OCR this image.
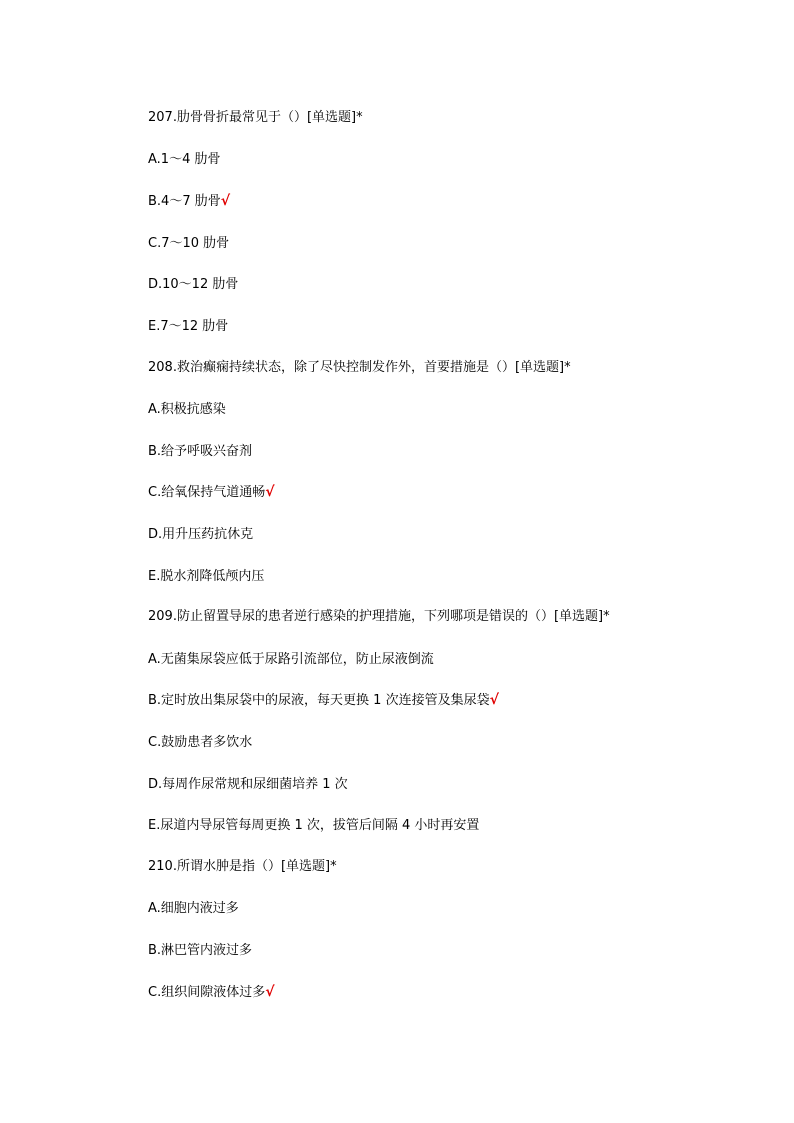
207.肋骨骨折最常见于（）[单选题]*
A.1～4 肋骨
B.4～7 肋骨√
C.7～10 肋骨
D.10～12 肋骨
E.7～12 肋骨
208.救治癫痫持续状态，除了尽快控制发作外，首要措施是（）[单选题]*
A.积极抗感染
B.给予呼吸兴奋剂
C.给氧保持气道通畅√
D.用升压药抗休克
E.脱水剂降低颅内压
209.防止留置导尿的患者逆行感染的护理措施，下列哪项是错误的（）[单选题]*
A.无菌集尿袋应低于尿路引流部位，防止尿液倒流
B.定时放出集尿袋中的尿液，每天更换 1 次连接管及集尿袋√
C.鼓励患者多饮水
D.每周作尿常规和尿细菌培养 1 次
E.尿道内导尿管每周更换 1 次，拔管后间隔 4 小时再安置
210.所谓水肿是指（）[单选题]*
A.细胞内液过多
B.淋巴管内液过多
C.组织间隙液体过多√
